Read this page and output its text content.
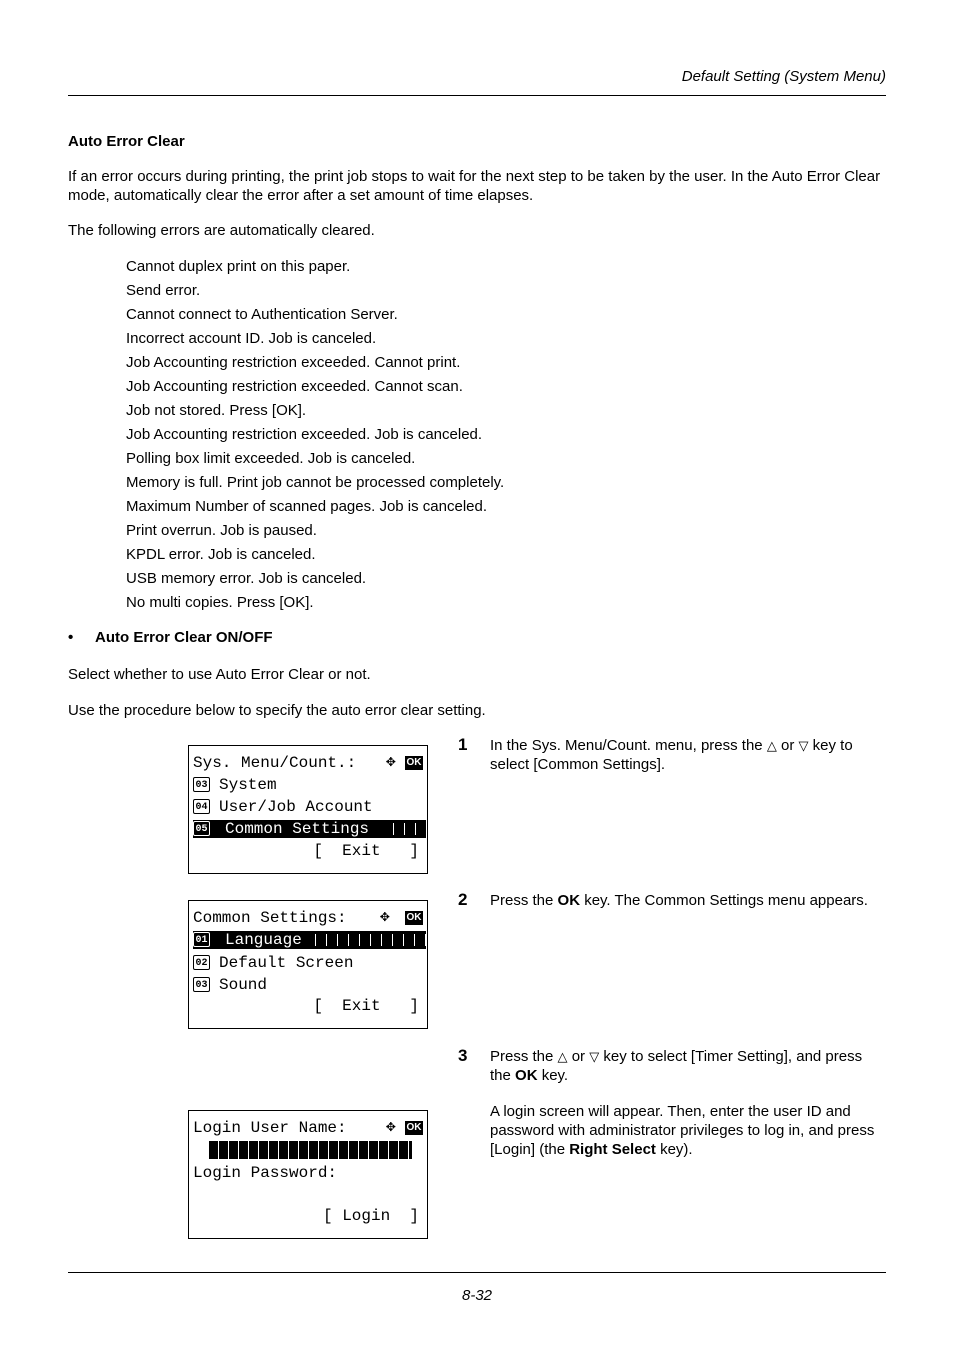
Default Setting (System Menu)
Auto Error Clear
If an error occurs during printing, the print job stops to wait for the next step to be taken by the user. In the Auto Error Clear mode, automatically clear the error after a set amount of time elapses.
The following errors are automatically cleared.
Cannot duplex print on this paper.
Send error.
Cannot connect to Authentication Server.
Incorrect account ID. Job is canceled.
Job Accounting restriction exceeded. Cannot print.
Job Accounting restriction exceeded. Cannot scan.
Job not stored. Press [OK].
Job Accounting restriction exceeded. Job is canceled.
Polling box limit exceeded. Job is canceled.
Memory is full. Print job cannot be processed completely.
Maximum Number of scanned pages. Job is canceled.
Print overrun. Job is paused.
KPDL error. Job is canceled.
USB memory error. Job is canceled.
No multi copies. Press [OK].
• Auto Error Clear ON/OFF
Select whether to use Auto Error Clear or not.
Use the procedure below to specify the auto error clear setting.
1 In the Sys. Menu/Count. menu, press the △ or ▽ key to select [Common Settings].
Sys. Menu/Count.: ✥ OK
03 System
04 User/Job Account
05 Common Settings
[  Exit   ]
2 Press the OK key. The Common Settings menu appears.
Common Settings: ✥ OK
01 Language
02 Default Screen
03 Sound
[  Exit   ]
3 Press the △ or ▽ key to select [Timer Setting], and press the OK key.
A login screen will appear. Then, enter the user ID and password with administrator privileges to log in, and press [Login] (the Right Select key).
Login User Name: ✥ OK
Login Password:
[ Login  ]
8-32
